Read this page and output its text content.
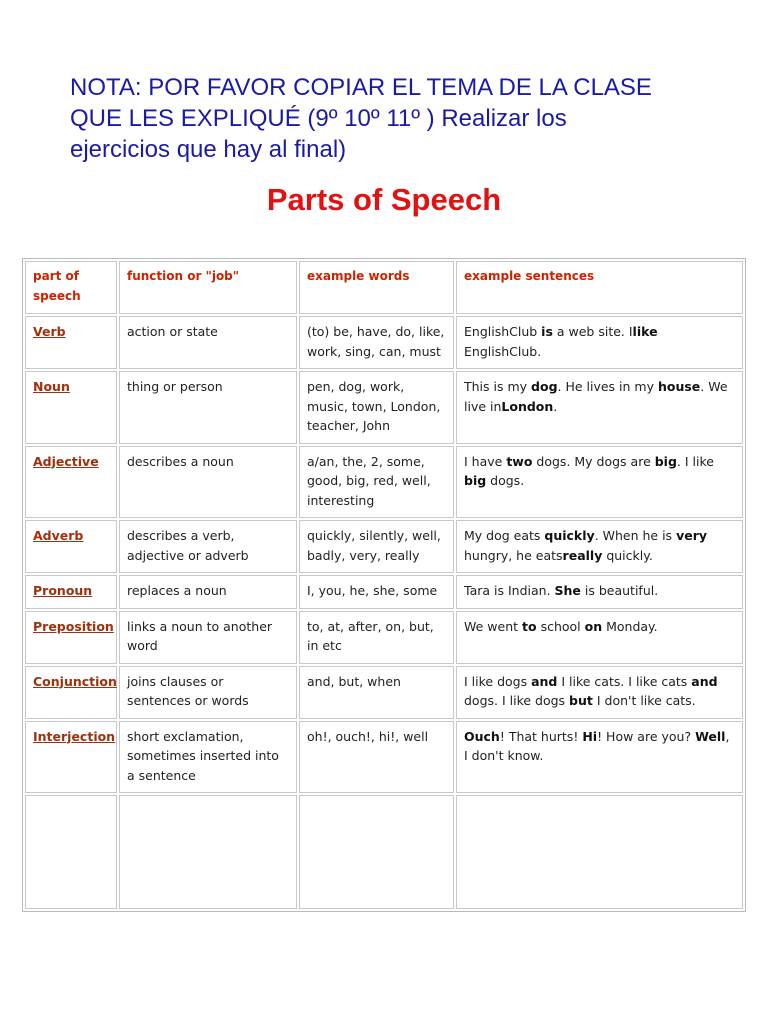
NOTA: POR FAVOR COPIAR EL TEMA DE LA CLASE
QUE LES EXPLIQUÉ (9º 10º 11º ) Realizar los
ejercicios que hay al final)

Parts of Speech
part of speech	function or "job"	example words	example sentences
Verb	action or state	(to) be, have, do, like, work, sing, can, must	EnglishClub is a web site. Ilike EnglishClub.
Noun	thing or person	pen, dog, work, music, town, London, teacher, John	This is my dog. He lives in my house. We live inLondon.
Adjective	describes a noun	a/an, the, 2, some, good, big, red, well, interesting	I have two dogs. My dogs are big. I like big dogs.
Adverb	describes a verb, adjective or adverb	quickly, silently, well, badly, very, really	My dog eats quickly. When he is very hungry, he eatsreally quickly.
Pronoun	replaces a noun	I, you, he, she, some	Tara is Indian. She is beautiful.
Preposition	links a noun to another word	to, at, after, on, but, in etc	We went to school on Monday.
Conjunction	joins clauses or sentences or words	and, but, when	I like dogs and I like cats. I like cats and dogs. I like dogs but I don't like cats.
Interjection	short exclamation, sometimes inserted into a sentence	oh!, ouch!, hi!, well	Ouch! That hurts! Hi! How are you? Well, I don't know.
